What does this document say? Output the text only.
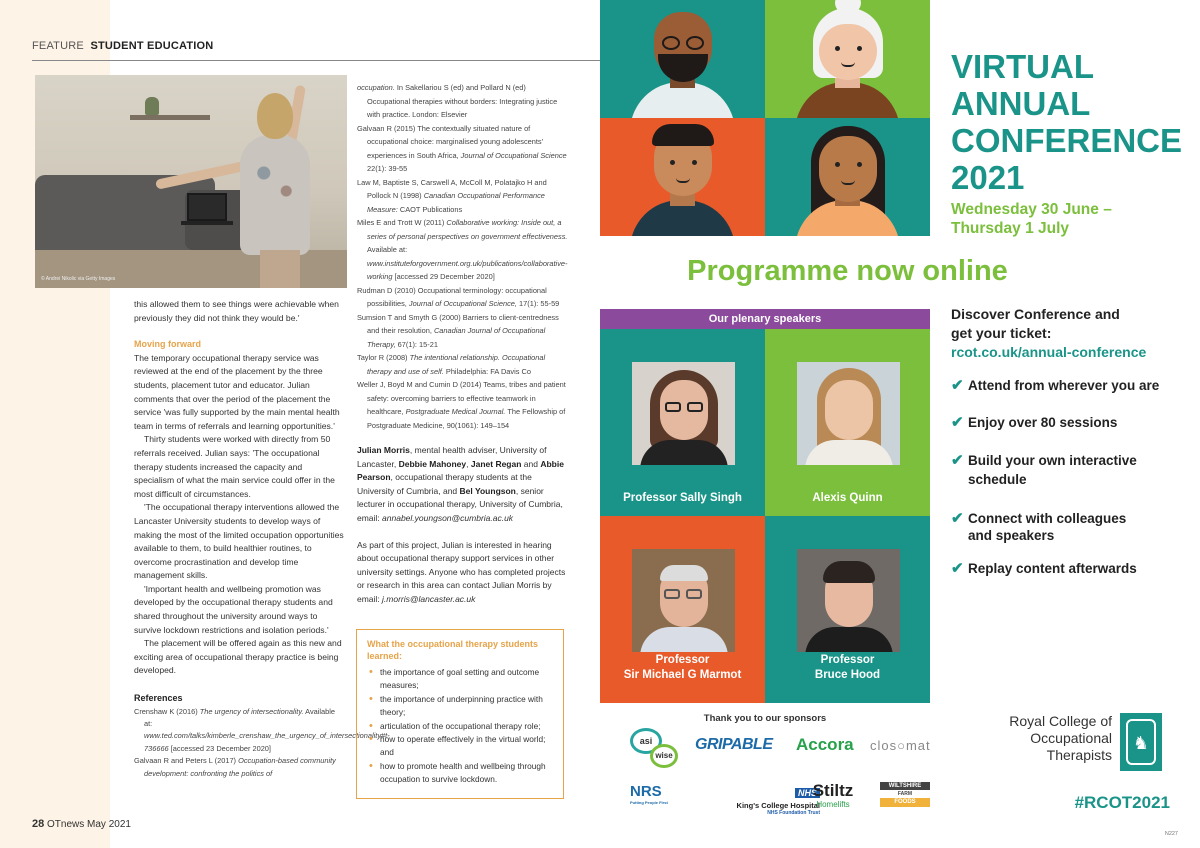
FEATURE STUDENT EDUCATION
© Andrei Nikolic via Getty Images

this allowed them to see things were achievable when previously they did not think they would be.'

Moving forward

The temporary occupational therapy service was reviewed at the end of the placement by the three students, placement tutor and educator. Julian comments that over the period of the placement the service 'was fully supported by the main mental health team in terms of referrals and learning opportunities.'

Thirty students were worked with directly from 50 referrals received. Julian says: 'The occupational therapy students increased the capacity and specialism of what the main service could offer in the most difficult of circumstances.

'The occupational therapy interventions allowed the Lancaster University students to develop ways of making the most of the limited occupation opportunities available to them, to build healthier routines, to overcome procrastination and develop time management skills.

'Important health and wellbeing promotion was developed by the occupational therapy students and shared throughout the university around ways to survive lockdown restrictions and isolation periods.'

The placement will be offered again as this new and exciting area of occupational therapy practice is being developed.

References

Crenshaw K (2016) The urgency of intersectionality. Available at: www.ted.com/talks/kimberle_crenshaw_the_urgency_of_intersectionality#t-736666 [accessed 23 December 2020]

Galvaan R and Peters L (2017) Occupation-based community development: confronting the politics of

occupation. In Sakellariou S (ed) and Pollard N (ed) Occupational therapies without borders: Integrating justice with practice. London: Elsevier

Galvaan R (2015) The contextually situated nature of occupational choice: marginalised young adolescents' experiences in South Africa, Journal of Occupational Science 22(1): 39-55

Law M, Baptiste S, Carswell A, McColl M, Polatajko H and Pollock N (1998) Canadian Occupational Performance Measure: CAOT Publications

Miles E and Trott W (2011) Collaborative working: Inside out, a series of personal perspectives on government effectiveness. Available at: www.instituteforgovernment.org.uk/publications/collaborative-working [accessed 29 December 2020]

Rudman D (2010) Occupational terminology: occupational possibilities, Journal of Occupational Science, 17(1): 55-59

Sumsion T and Smyth G (2000) Barriers to client-centredness and their resolution, Canadian Journal of Occupational Therapy, 67(1): 15-21

Taylor R (2008) The intentional relationship. Occupational therapy and use of self. Philadelphia: FA Davis Co

Weller J, Boyd M and Cumin D (2014) Teams, tribes and patient safety: overcoming barriers to effective teamwork in healthcare, Postgraduate Medical Journal. The Fellowship of Postgraduate Medicine, 90(1061): 149–154

Julian Morris, mental health adviser, University of Lancaster, Debbie Mahoney, Janet Regan and Abbie Pearson, occupational therapy students at the University of Cumbria, and Bel Youngson, senior lecturer in occupational therapy, University of Cumbria, email: annabel.youngson@cumbria.ac.uk

As part of this project, Julian is interested in hearing about occupational therapy support services in other university settings. Anyone who has completed projects or research in this area can contact Julian Morris by email: j.morris@lancaster.ac.uk

What the occupational therapy students learned:
• the importance of goal setting and outcome measures;
• the importance of underpinning practice with theory;
• articulation of the occupational therapy role;
• how to operate effectively in the virtual world; and
• how to promote health and wellbeing through occupation to survive lockdown.
28 OTnews May 2021
VIRTUAL
ANNUAL
CONFERENCE
2021
Wednesday 30 June –
Thursday 1 July
Programme now online
Our plenary speakers
Professor Sally Singh	Alexis Quinn
Professor
Sir Michael G Marmot
Professor
Bruce Hood
Discover Conference and
get your ticket:
rcot.co.uk/annual-conference
✔ Attend from wherever you are
✔ Enjoy over 80 sessions
✔ Build your own interactive
schedule
✔ Connect with colleagues
and speakers
✔ Replay content afterwards
Thank you to our sponsors
asi
wise
GRIPABLE Accora clos○mat
NRS
Putting People First
NHS
King's College Hospital
NHS Foundation Trust
Stiltz
Homelifts
WILTSHIRE
FARM
FOODS
Royal College of
Occupational
Therapists
♞
#RCOT2021
N227
